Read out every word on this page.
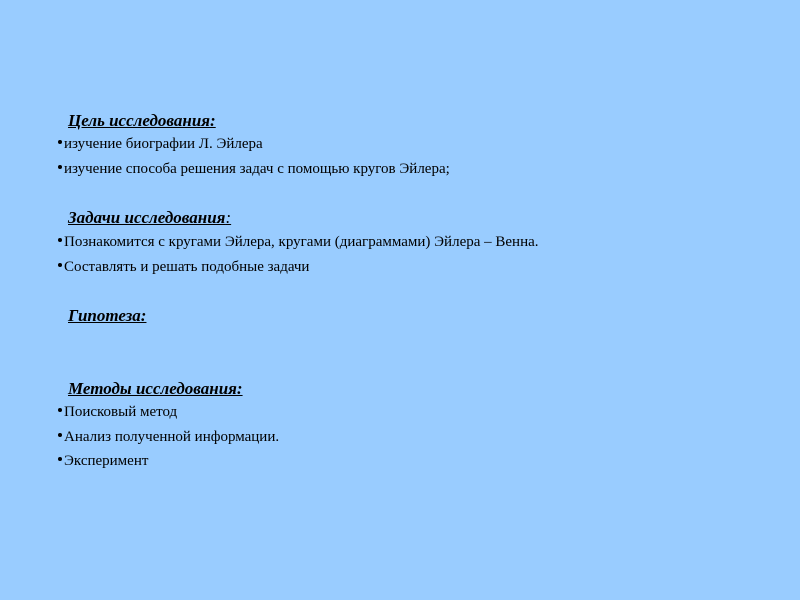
Цель исследования:
изучение биографии Л. Эйлера
изучение способа решения задач с помощью кругов Эйлера;
Задачи исследования:
Познакомится с кругами Эйлера, кругами (диаграммами) Эйлера – Венна.
Составлять и решать подобные задачи
Гипотеза:
Методы исследования:
Поисковый метод
Анализ полученной информации.
Эксперимент
